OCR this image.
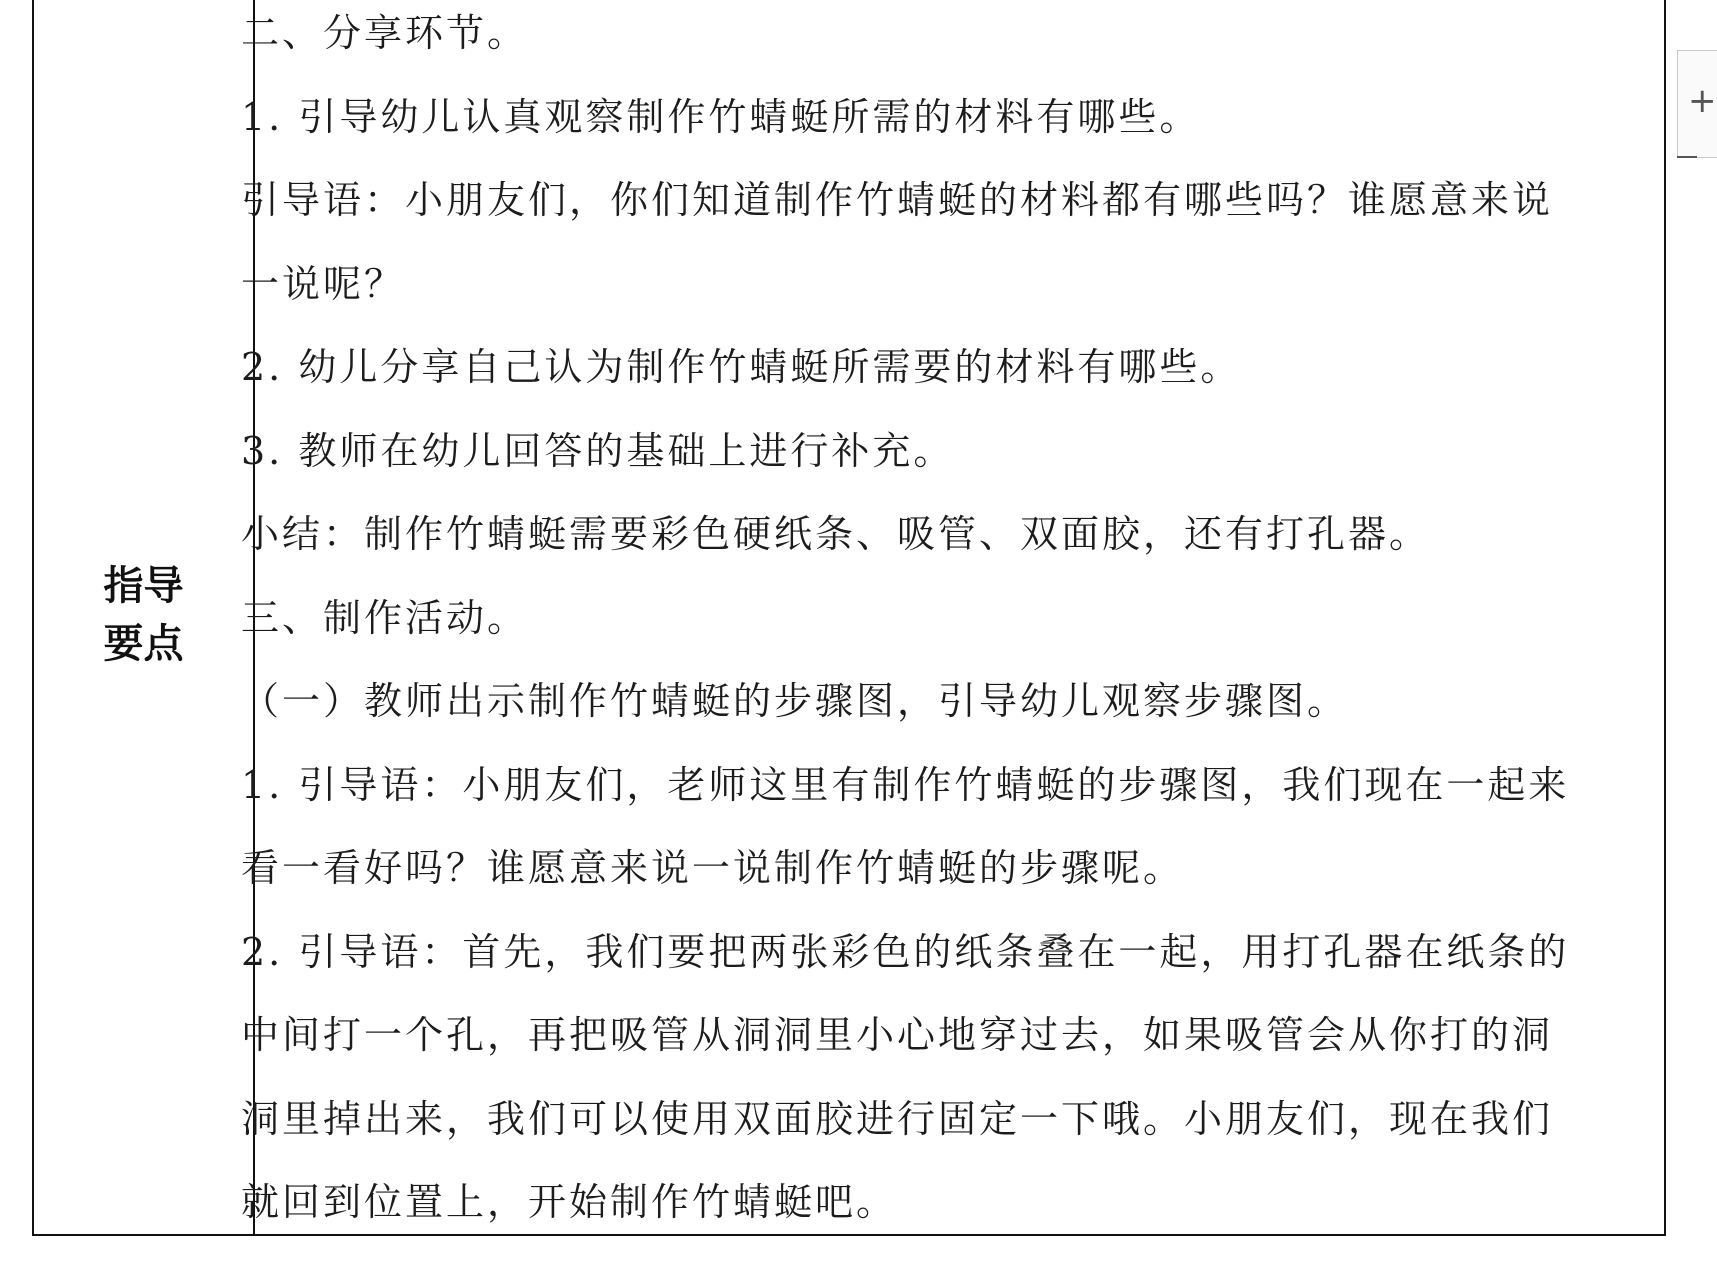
指导
要点
二、分享环节。
1. 引导幼儿认真观察制作竹蜻蜓所需的材料有哪些。
引导语：小朋友们，你们知道制作竹蜻蜓的材料都有哪些吗？谁愿意来说
一说呢？
2. 幼儿分享自己认为制作竹蜻蜓所需要的材料有哪些。
3. 教师在幼儿回答的基础上进行补充。
小结：制作竹蜻蜓需要彩色硬纸条、吸管、双面胶，还有打孔器。
三、制作活动。
（一）教师出示制作竹蜻蜓的步骤图，引导幼儿观察步骤图。
1. 引导语：小朋友们，老师这里有制作竹蜻蜓的步骤图，我们现在一起来
看一看好吗？谁愿意来说一说制作竹蜻蜓的步骤呢。
2. 引导语：首先，我们要把两张彩色的纸条叠在一起，用打孔器在纸条的
中间打一个孔，再把吸管从洞洞里小心地穿过去，如果吸管会从你打的洞
洞里掉出来，我们可以使用双面胶进行固定一下哦。小朋友们，现在我们
就回到位置上，开始制作竹蜻蜓吧。
+
